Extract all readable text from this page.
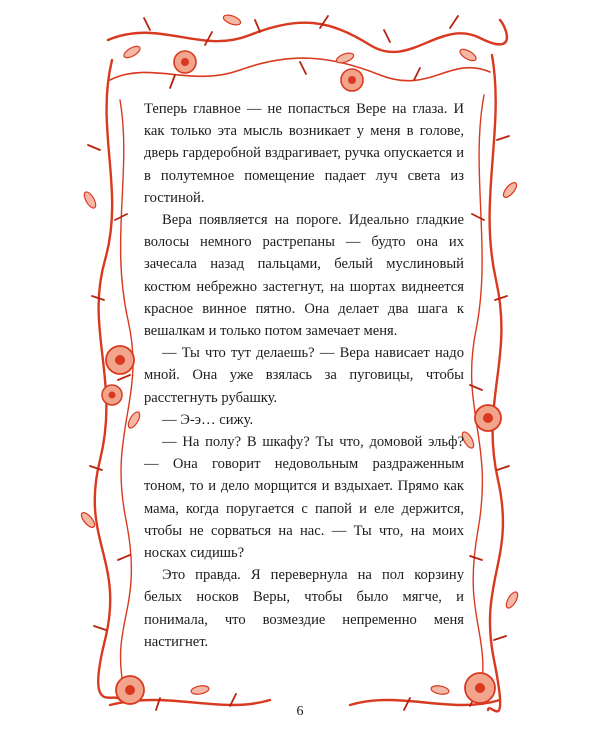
Теперь главное — не попасться Вере на глаза. И как только эта мысль возникает у меня в голове, дверь гардеробной вздрагивает, ручка опускается и в полутемное помещение падает луч света из гостиной.

Вера появляется на пороге. Идеально гладкие волосы немного растрепаны — будто она их зачесала назад пальцами, белый муслиновый костюм небрежно застегнут, на шортах виднеется красное винное пятно. Она делает два шага к вешалкам и только потом замечает меня.

— Ты что тут делаешь? — Вера нависает надо мной. Она уже взялась за пуговицы, чтобы расстегнуть рубашку.

— Э-э… сижу.

— На полу? В шкафу? Ты что, домовой эльф? — Она говорит недовольным раздраженным тоном, то и дело морщится и вздыхает. Прямо как мама, когда поругается с папой и еле держится, чтобы не сорваться на нас. — Ты что, на моих носках сидишь?

Это правда. Я перевернула на пол корзину белых носков Веры, чтобы было мягче, и понимала, что возмездие непременно меня настигнет.

6
